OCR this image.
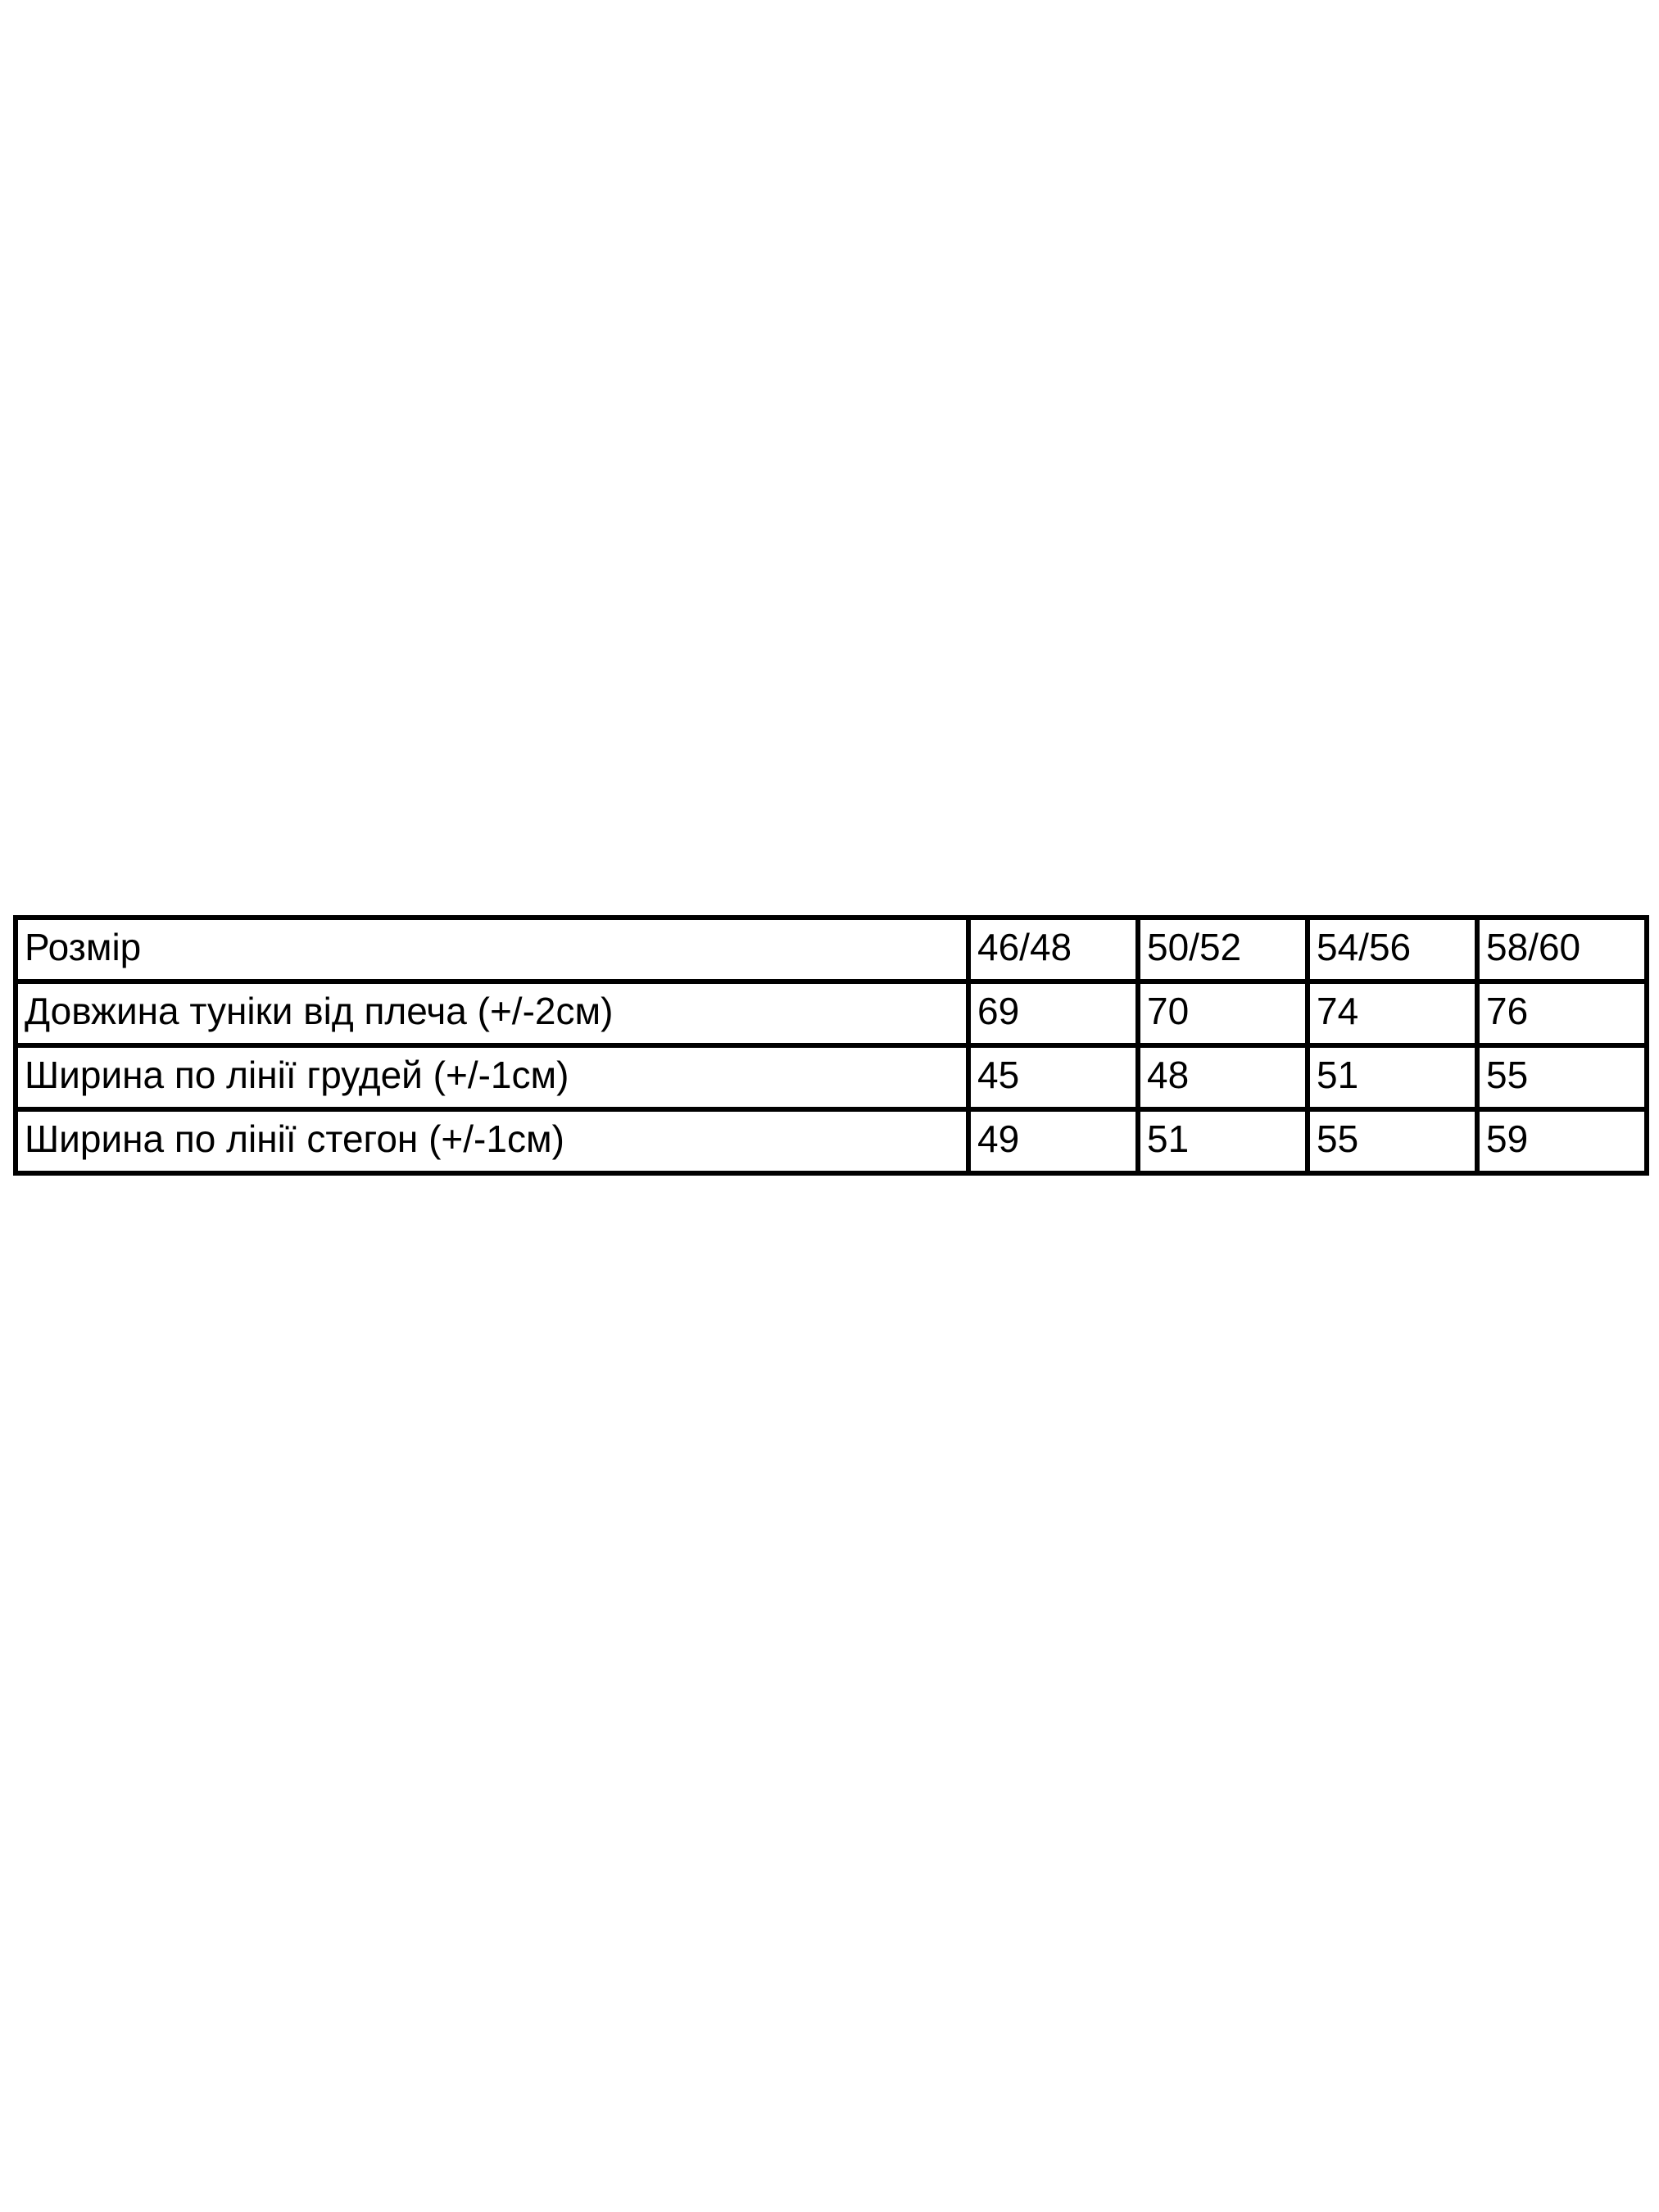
Розмір	46/48	50/52	54/56	58/60

Довжина туніки від плеча (+/-2см)	69	70	74	76

Ширина по лінії грудей (+/-1см)	45	48	51	55

Ширина по лінії стегон (+/-1см)	49	51	55	59
